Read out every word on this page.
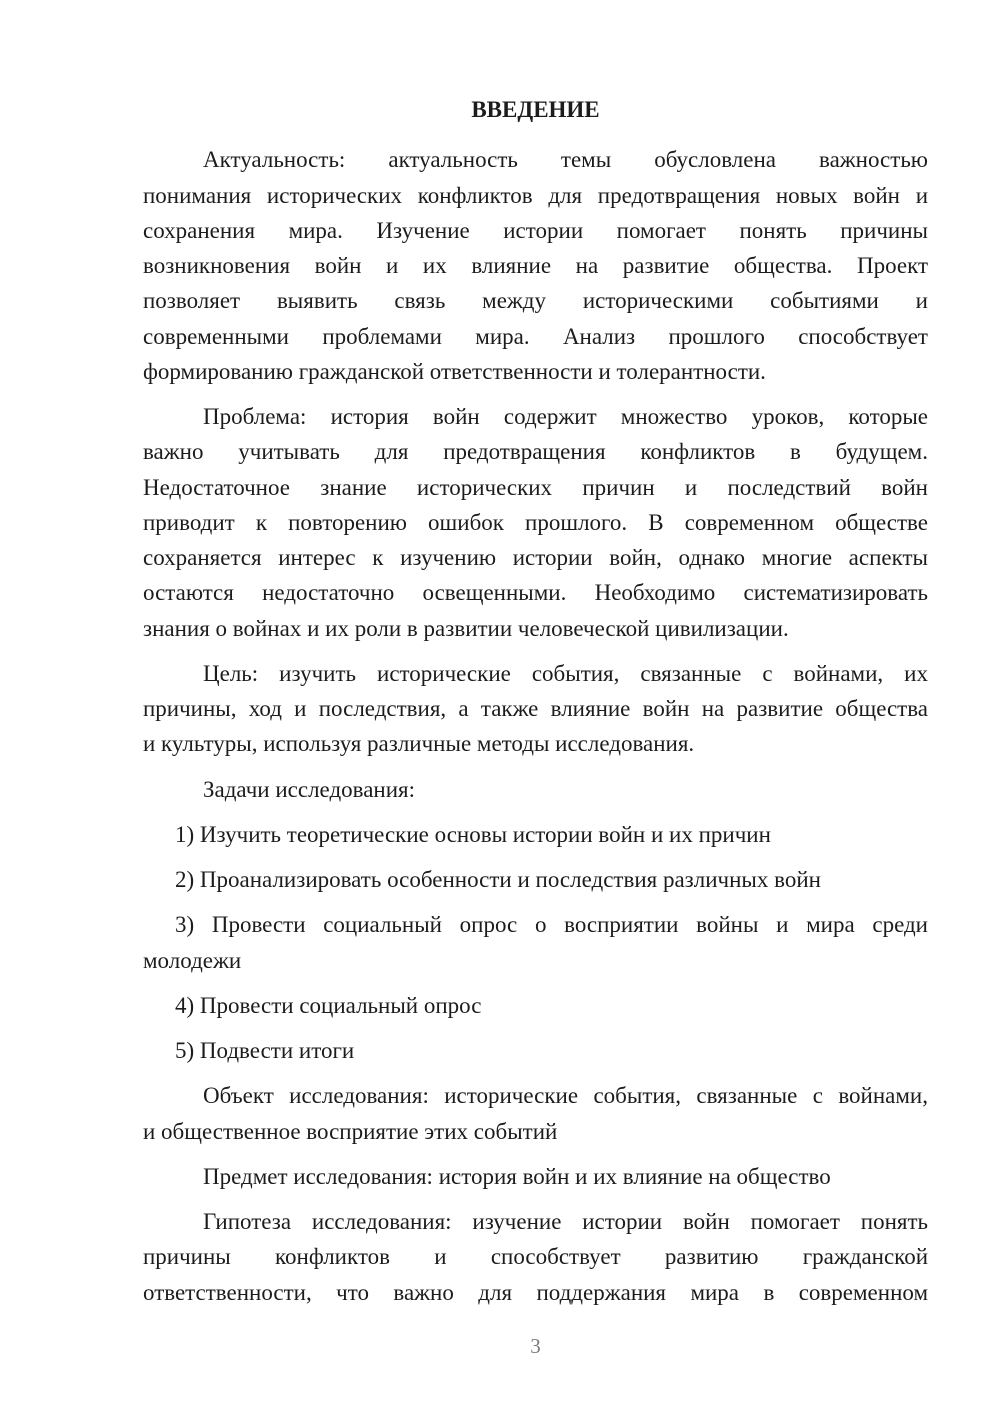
ВВЕДЕНИЕ
Актуальность: актуальность темы обусловлена важностью
понимания исторических конфликтов для предотвращения новых войн и
сохранения мира. Изучение истории помогает понять причины
возникновения войн и их влияние на развитие общества. Проект
позволяет выявить связь между историческими событиями и
современными проблемами мира. Анализ прошлого способствует
формированию гражданской ответственности и толерантности.
Проблема: история войн содержит множество уроков, которые
важно учитывать для предотвращения конфликтов в будущем.
Недостаточное знание исторических причин и последствий войн
приводит к повторению ошибок прошлого. В современном обществе
сохраняется интерес к изучению истории войн, однако многие аспекты
остаются недостаточно освещенными. Необходимо систематизировать
знания о войнах и их роли в развитии человеческой цивилизации.
Цель: изучить исторические события, связанные с войнами, их
причины, ход и последствия, а также влияние войн на развитие общества
и культуры, используя различные методы исследования.
Задачи исследования:
1) Изучить теоретические основы истории войн и их причин
2) Проанализировать особенности и последствия различных войн
3) Провести социальный опрос о восприятии войны и мира среди
молодежи
4) Провести социальный опрос
5) Подвести итоги
Объект исследования: исторические события, связанные с войнами,
и общественное восприятие этих событий
Предмет исследования: история войн и их влияние на общество
Гипотеза исследования: изучение истории войн помогает понять
причины конфликтов и способствует развитию гражданской
ответственности, что важно для поддержания мира в современном
3
